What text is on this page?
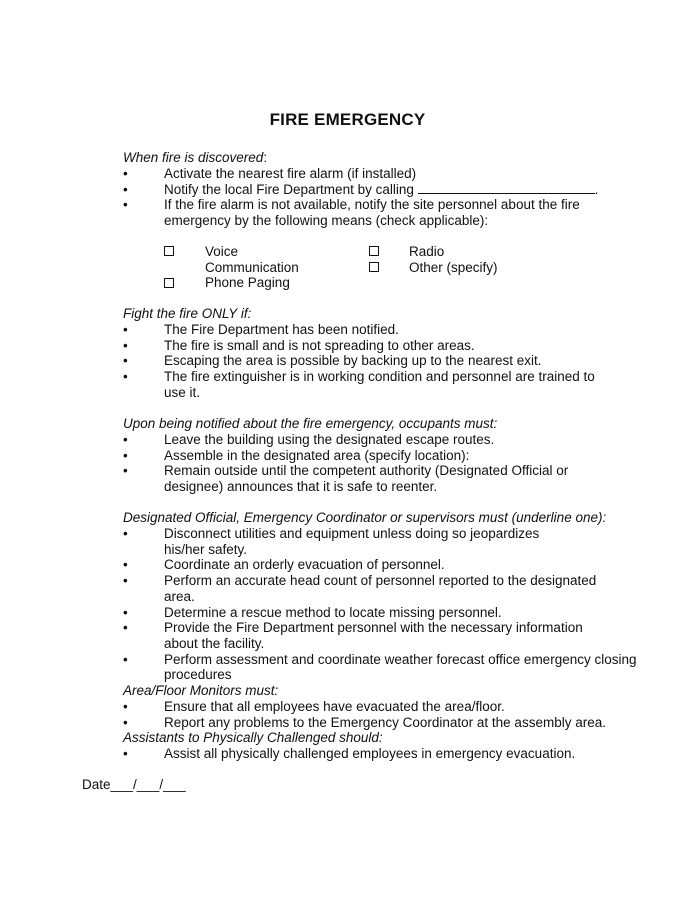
FIRE EMERGENCY
When fire is discovered:
•	Activate the nearest fire alarm (if installed)
•	Notify the local Fire Department by calling	.
•	If the fire alarm is not available, notify the site personnel about the fire emergency by the following means (check applicable):
Voice Communication
Phone Paging
Radio
Other (specify)
Fight the fire ONLY if:
•	The Fire Department has been notified.
•	The fire is small and is not spreading to other areas.
•	Escaping the area is possible by backing up to the nearest exit.
•	The fire extinguisher is in working condition and personnel are trained to use it.
Upon being notified about the fire emergency, occupants must:
•	Leave the building using the designated escape routes.
•	Assemble in the designated area (specify location):
•	Remain outside until the competent authority (Designated Official or designee) announces that it is safe to reenter.
Designated Official, Emergency Coordinator or supervisors must (underline one):
•	Disconnect utilities and equipment unless doing so jeopardizes his/her safety.
•	Coordinate an orderly evacuation of personnel.
•	Perform an accurate head count of personnel reported to the designated area.
•	Determine a rescue method to locate missing personnel.
•	Provide the Fire Department personnel with the necessary information about the facility.
•	Perform assessment and coordinate weather forecast office emergency closing procedures
Area/Floor Monitors must:
•	Ensure that all employees have evacuated the area/floor.
•	Report any problems to the Emergency Coordinator at the assembly area.
Assistants to Physically Challenged should:
•	Assist all physically challenged employees in emergency evacuation.
Date___/___/___
